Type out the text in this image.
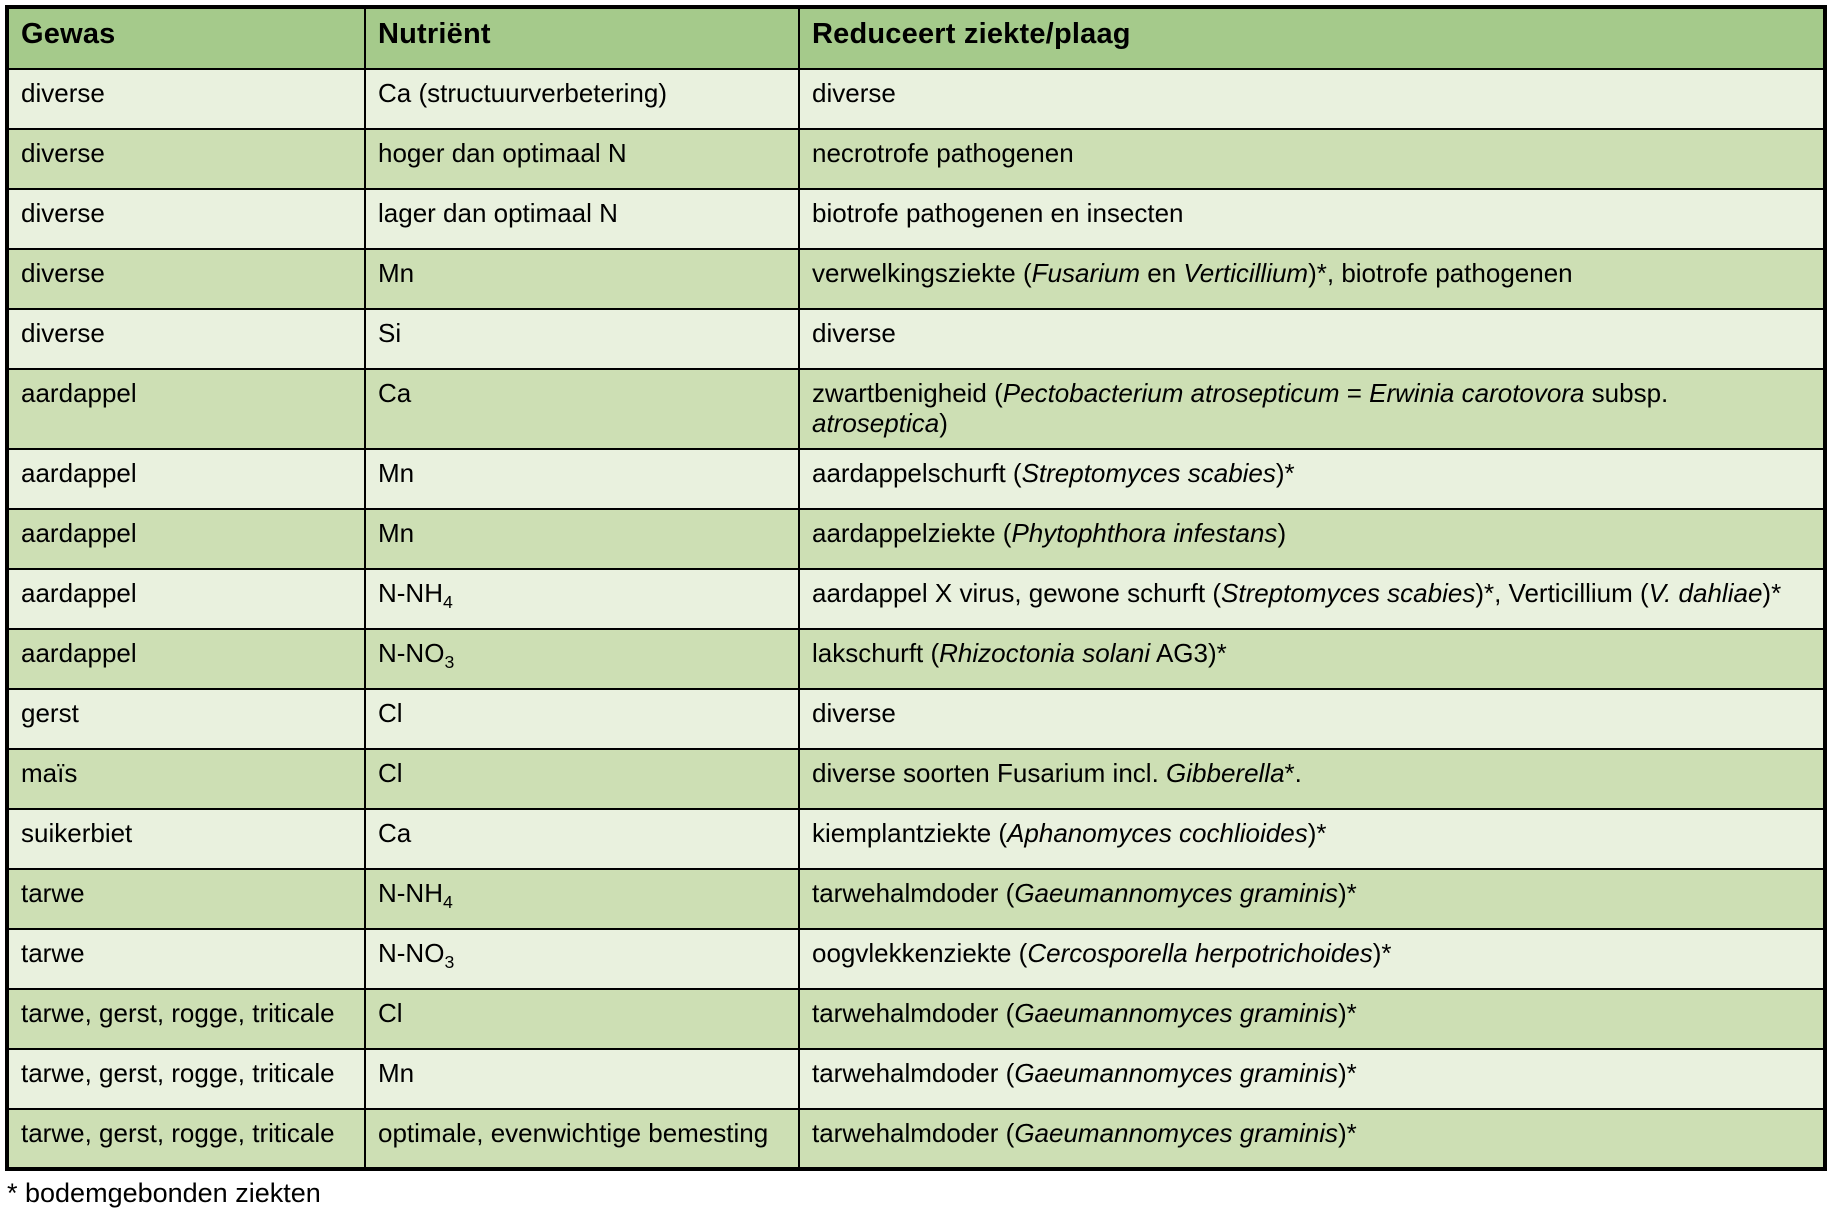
Gewas	Nutriënt	Reduceert ziekte/plaag
diverse	Ca (structuurverbetering)	diverse
diverse	hoger dan optimaal N	necrotrofe pathogenen
diverse	lager dan optimaal N	biotrofe pathogenen en insecten
diverse	Mn	verwelkingsziekte (Fusarium en Verticillium)*, biotrofe pathogenen
diverse	Si	diverse
aardappel	Ca	zwartbenigheid (Pectobacterium atrosepticum = Erwinia carotovora subsp. atroseptica)
aardappel	Mn	aardappelschurft (Streptomyces scabies)*
aardappel	Mn	aardappelziekte (Phytophthora infestans)
aardappel	$N-NH_4$	aardappel X virus, gewone schurft (Streptomyces scabies)*, Verticillium (V. dahliae)*
aardappel	$N-NO_3$	lakschurft (Rhizoctonia solani AG3)*
gerst	Cl	diverse
maïs	Cl	diverse soorten Fusarium incl. Gibberella*.
suikerbiet	Ca	kiemplantziekte (Aphanomyces cochlioides)*
tarwe	$N-NH_4$	tarwehalmdoder (Gaeumannomyces graminis)*
tarwe	$N-NO_3$	oogvlekkenziekte (Cercosporella herpotrichoides)*
tarwe, gerst, rogge, triticale	Cl	tarwehalmdoder (Gaeumannomyces graminis)*
tarwe, gerst, rogge, triticale	Mn	tarwehalmdoder (Gaeumannomyces graminis)*
tarwe, gerst, rogge, triticale	optimale, evenwichtige bemesting	tarwehalmdoder (Gaeumannomyces graminis)*
* bodemgebonden ziekten
